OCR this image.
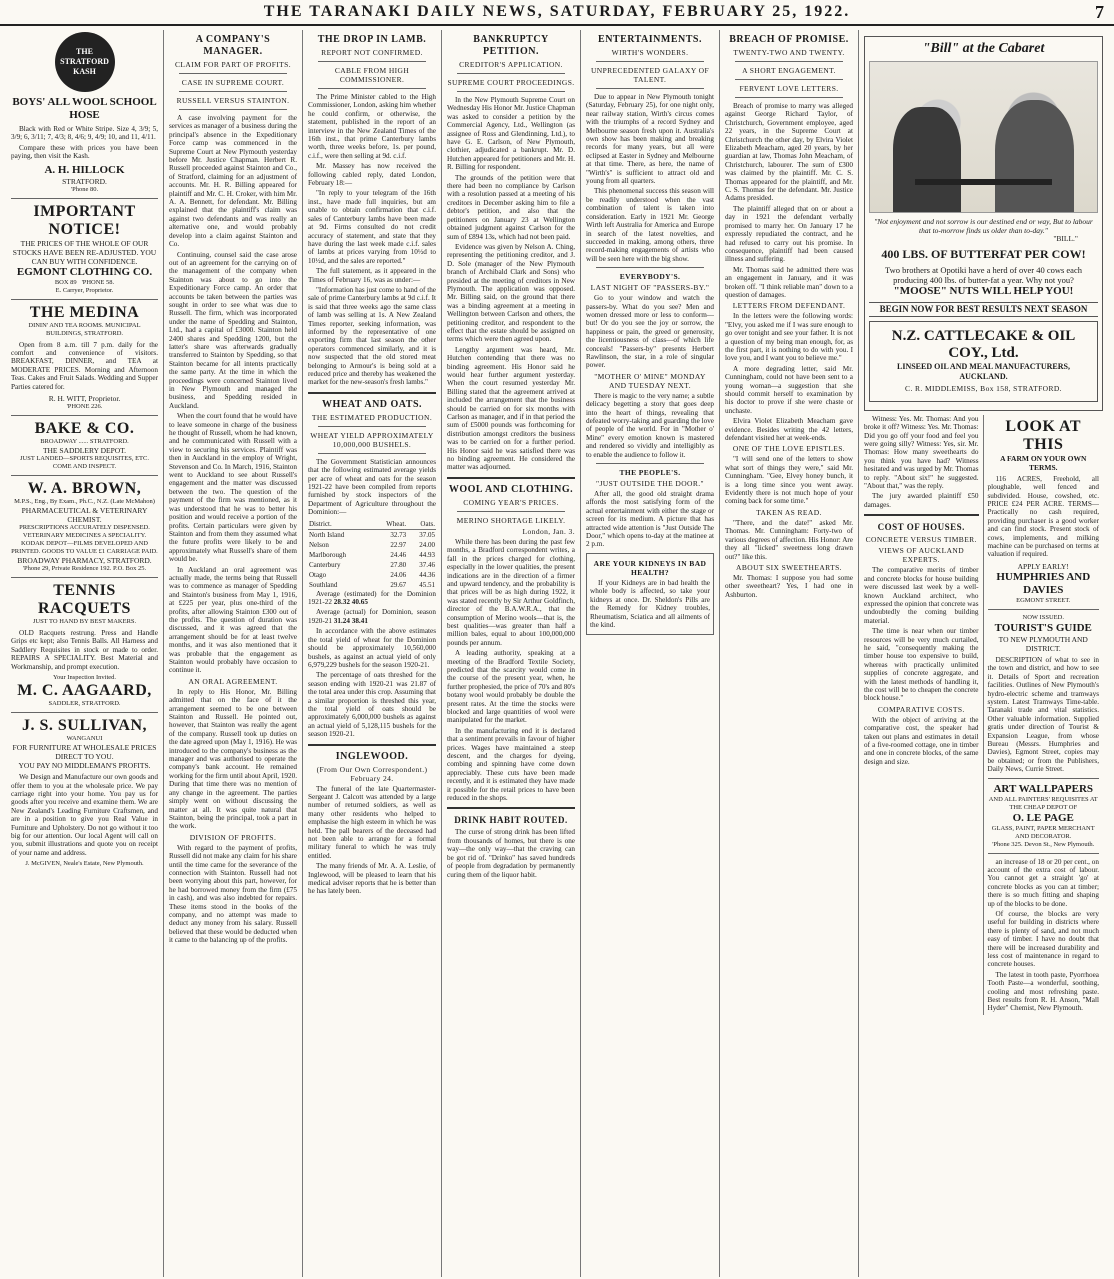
THE TARANAKI DAILY NEWS, SATURDAY, FEBRUARY 25, 1922.	7
THE STRATFORD KASH
BOYS' ALL WOOL SCHOOL HOSE

Black with Red or White Stripe. Size 4, 3/9; 5, 3/9; 6, 3/11; 7, 4/3; 8, 4/6; 9, 4/9; 10, and 11, 4/11.

Compare these with prices you have been paying, then visit the Kash.

A. H. HILLOCK
STRATFORD.
'Phone 80.
IMPORTANT NOTICE!
THE PRICES OF THE WHOLE OF OUR STOCKS HAVE BEEN RE-ADJUSTED. YOU CAN BUY WITH CONFIDENCE.
EGMONT CLOTHING CO.
BOX 89 'PHONE 58.
E. Carryer, Proprietor.
THE MEDINA
DININ' AND TEA ROOMS. MUNICIPAL BUILDINGS, STRATFORD.

Open from 8 a.m. till 7 p.m. daily for the comfort and convenience of visitors. BREAKFAST, DINNER, and TEA at MODERATE PRICES. Morning and Afternoon Teas. Cakes and Fruit Salads. Wedding and Supper Parties catered for.

R. H. WITT, Proprietor.
'PHONE 226.
BAKE & CO.
BROADWAY ...... STRATFORD.
THE SADDLERY DEPOT.
JUST LANDED—SPORTS REQUISITES, ETC. COME AND INSPECT.
W. A. BROWN,
M.P.S., Eng., By Exam., Ph.C., N.Z. (Late McMahon)
PHARMACEUTICAL & VETERINARY CHEMIST.
PRESCRIPTIONS ACCURATELY DISPENSED. VETERINARY MEDICINES A SPECIALITY. KODAK DEPOT—FILMS DEVELOPED AND PRINTED. GOODS TO VALUE £1 CARRIAGE PAID.
BROADWAY PHARMACY, STRATFORD.
'Phone 29, Private Residence 192. P.O. Box 25.
TENNIS RACQUETS
JUST TO HAND BY BEST MAKERS.

OLD Racquets restrung. Press and Handle Grips etc kept; also Tennis Balls. All Harness and Saddlery Requisites in stock or made to order. REPAIRS A SPECIALITY. Best Material and Workmanship, and prompt execution.

Your Inspection Invited.
M. C. AAGAARD,
SADDLER, STRATFORD.
J. S. SULLIVAN,
WANGANUI
FOR FURNITURE AT WHOLESALE PRICES DIRECT TO YOU.
YOU PAY NO MIDDLEMAN'S PROFITS.

We Design and Manufacture our own goods and offer them to you at the wholesale price. We pay carriage right into your home. You pay us for goods after you receive and examine them. We are New Zealand's Leading Furniture Craftsmen, and are in a position to give you Real Value in Furniture and Upholstery. Do not go without it too big for our attention. Our local Agent will call on you, submit illustrations and quote you on receipt of your name and address.

J. McGIVEN, Neale's Estate, New Plymouth.
A COMPANY'S MANAGER.
CLAIM FOR PART OF PROFITS.
CASE IN SUPREME COURT.
RUSSELL VERSUS STAINTON.

A case involving payment for the services as manager of a business during the principal's absence in the Expeditionary Force camp was commenced in the Supreme Court at New Plymouth yesterday before Mr. Justice Chapman. Herbert R. Russell proceeded against Stainton and Co., of Stratford, claiming for an adjustment of accounts. Mr. H. R. Billing appeared for plaintiff and Mr. C. H. Croker, with him Mr. A. A. Bennett, for defendant. Mr. Billing explained that the plaintiff's claim was against two defendants and was really an alternative one, and would probably develop into a claim against Stainton and Co.

Continuing, counsel said the case arose out of an agreement for the carrying on of the management of the company when Stainton was about to go into the Expeditionary Force camp. An order that accounts be taken between the parties was sought in order to see what was due to Russell. The firm, which was incorporated under the name of Spedding and Stainton, Ltd., had a capital of £3000. Stainton held 2400 shares and Spedding 1200, but the latter's share was afterwards gradually transferred to Stainton by Spedding, so that Stainton became for all intents practically the same party. At the time in which the proceedings were concerned Stainton lived in New Plymouth and managed the business, and Spedding resided in Auckland.

When the court found that he would have to leave someone in charge of the business he thought of Russell, whom he had known, and he communicated with Russell with a view to securing his services. Plaintiff was then in Auckland in the employ of Wright, Stevenson and Co. In March, 1916, Stainton went to Auckland to see about Russell's engagement and the matter was discussed between the two. The question of the payment of the firm was mentioned, as it was understood that he was to better his position and would receive a portion of the profits. Certain particulars were given by Stainton and from them they assumed what the future profits were likely to be and approximately what Russell's share of them would be.

In Auckland an oral agreement was actually made, the terms being that Russell was to commence as manager of Spedding and Stainton's business from May 1, 1916, at £225 per year, plus one-third of the profits, after allowing Stainton £300 out of the profits. The question of duration was discussed, and it was agreed that the arrangement should be for at least twelve months, and it was also mentioned that it was probable that the engagement as Stainton would probably have occasion to continue it.

AN ORAL AGREEMENT.

In reply to His Honor, Mr. Billing admitted that on the face of it the arrangement seemed to be one between Stainton and Russell. He pointed out, however, that Stainton was really the agent of the company. Russell took up duties on the date agreed upon (May 1, 1916). He was introduced to the company's business as the manager and was authorised to operate the company's bank account. He remained working for the firm until about April, 1920. During that time there was no mention of any change in the agreement. The parties simply went on without discussing the matter at all. It was quite natural that Stainton, being the principal, took a part in the work.

DIVISION OF PROFITS.

With regard to the payment of profits, Russell did not make any claim for his share until the time came for the severance of the connection with Stainton. Russell had not been worrying about this part, however, for he had borrowed money from the firm (£75 in cash), and was also indebted for repairs. These items stood in the books of the company, and no attempt was made to deduct any money from his salary. Russell believed that these would be deducted when it came to the balancing up of the profits.

THE DROP IN LAMB.
REPORT NOT CONFIRMED.
CABLE FROM HIGH COMMISSIONER.

The Prime Minister cabled to the High Commissioner, London, asking him whether he could confirm, or otherwise, the statement, published in the report of an interview in the New Zealand Times of the 16th inst., that prime Canterbury lambs worth, three weeks before, 1s. per pound, c.i.f., were then selling at 9d. c.i.f.

Mr. Massey has now received the following cabled reply, dated London, February 18:—

"In reply to your telegram of the 16th inst., have made full inquiries, but am unable to obtain confirmation that c.i.f. sales of Canterbury lambs have been made at 9d. Firms consulted do not credit accuracy of statement, and state that they have during the last week made c.i.f. sales of lambs at prices varying from 10½d to 10½d, and the sales are reported."

The full statement, as it appeared in the Times of February 16, was as under:—

"Information has just come to hand of the sale of prime Canterbury lambs at 9d c.i.f. It is said that three weeks ago the same class of lamb was selling at 1s. A New Zealand Times reporter, seeking information, was informed by the representative of one exporting firm that last season the other operators commenced similarly, and it is now suspected that the old stored meat belonging to Armour's is being sold at a reduced price and thereby has weakened the market for the new-season's fresh lambs."

WHEAT AND OATS.
THE ESTIMATED PRODUCTION.
WHEAT YIELD APPROXIMATELY 10,000,000 BUSHELS.

The Government Statistician announces that the following estimated average yields per acre of wheat and oats for the season 1921-22 have been compiled from reports furnished by stock inspectors of the Department of Agriculture throughout the Dominion:—

District.	Wheat.	Oats.
North Island	32.73	37.05
Nelson	22.97	24.00
Marlborough	24.46	44.93
Canterbury	27.80	37.46
Otago	24.06	44.36
Southland	29.67	45.51

Average (estimated) for the Dominion 1921-22 28.32 40.65

Average (actual) for Dominion, season 1920-21 31.24 38.41

In accordance with the above estimates the total yield of wheat for the Dominion should be approximately 10,560,000 bushels, as against an actual yield of only 6,979,229 bushels for the season 1920-21.

The percentage of oats threshed for the season ending with 1920-21 was 21.87 of the total area under this crop. Assuming that a similar proportion is threshed this year, the total yield of oats should be approximately 6,000,000 bushels as against an actual yield of 5,128,115 bushels for the season 1920-21.

INGLEWOOD.
(From Our Own Correspondent.) February 24.

The funeral of the late Quartermaster-Sergeant J. Calcott was attended by a large number of returned soldiers, as well as many other residents who helped to emphasise the high esteem in which he was held. The pall bearers of the deceased had not been able to arrange for a formal military funeral to which he was truly entitled.

The many friends of Mr. A. A. Leslie, of Inglewood, will be pleased to learn that his medical adviser reports that he is better than he has lately been.

BANKRUPTCY PETITION.
CREDITOR'S APPLICATION.
SUPREME COURT PROCEEDINGS.

In the New Plymouth Supreme Court on Wednesday His Honor Mr. Justice Chapman was asked to consider a petition by the Commercial Agency, Ltd., Wellington (as assignee of Ross and Glendinning, Ltd.), to have G. E. Carlson, of New Plymouth, clothier, adjudicated a bankrupt. Mr. D. Hutchen appeared for petitioners and Mr. H. R. Billing for respondent.

The grounds of the petition were that there had been no compliance by Carlson with a resolution passed at a meeting of his creditors in December asking him to file a debtor's petition, and also that the petitioners on January 23 at Wellington obtained judgment against Carlson for the sum of £894 13s, which had not been paid.

Evidence was given by Nelson A. Ching, representing the petitioning creditor, and J. D. Sole (manager of the New Plymouth branch of Archibald Clark and Sons) who presided at the meeting of creditors in New Plymouth. The application was opposed. Mr. Billing said, on the ground that there was a binding agreement at a meeting in Wellington between Carlson and others, the petitioning creditor, and respondent to the effect that the estate should be assigned on terms which were then agreed upon.

Lengthy argument was heard, Mr. Hutchen contending that there was no binding agreement. His Honor said he would hear further argument yesterday. When the court resumed yesterday Mr. Billing stated that the agreement arrived at included the arrangement that the business should be carried on for six months with Carlson as manager, and if in that period the sum of £5000 pounds was forthcoming for distribution amongst creditors the business was to be carried on for a further period. His Honor said he was satisfied there was no binding agreement. He considered the matter was adjourned.

WOOL AND CLOTHING.
COMING YEAR'S PRICES.
MERINO SHORTAGE LIKELY.
London, Jan. 3.

While there has been during the past few months, a Bradford correspondent writes, a fall in the prices charged for clothing, especially in the lower qualities, the present indications are in the direction of a firmer and upward tendency, and the probability is that prices will be as high during 1922, it was stated recently by Sir Arthur Goldfinch, director of the B.A.W.R.A., that the consumption of Merino wools—that is, the best qualities—was greater than half a million bales, equal to about 100,000,000 pounds per annum.

A leading authority, speaking at a meeting of the Bradford Textile Society, predicted that the scarcity would come in the course of the present year, when, he further prophesied, the price of 70's and 80's botany wool would probably be double the present rates. At the time the stocks were blocked and large quantities of wool were manipulated for the market.

In the manufacturing end it is declared that a sentiment prevails in favour of higher prices. Wages have maintained a steep descent, and the charges for dyeing, combing and spinning have come down appreciably. These cuts have been made recently, and it is estimated they have made it possible for the retail prices to have been reduced in the shops.

DRINK HABIT ROUTED.

The curse of strong drink has been lifted from thousands of homes, but there is one way—the only way—that the craving can be got rid of. "Drinko" has saved hundreds of people from degradation by permanently curing them of the liquor habit.

ENTERTAINMENTS.
WIRTH'S WONDERS.
UNPRECEDENTED GALAXY OF TALENT.

Due to appear in New Plymouth tonight (Saturday, February 25), for one night only, near railway station, Wirth's circus comes with the triumphs of a record Sydney and Melbourne season fresh upon it. Australia's own show has been making and breaking records for many years, but all were eclipsed at Easter in Sydney and Melbourne at that time. There, as here, the name of "Wirth's" is sufficient to attract old and young from all quarters.

This phenomenal success this season will be readily understood when the vast combination of talent is taken into consideration. Early in 1921 Mr. George Wirth left Australia for America and Europe in search of the latest novelties, and succeeded in making, among others, three record-making engagements of artists who will be seen here with the big show.

EVERYBODY'S.
LAST NIGHT OF "PASSERS-BY."

Go to your window and watch the passers-by. What do you see? Men and women dressed more or less to conform—but! Or do you see the joy or sorrow, the happiness or pain, the greed or generosity, the licentiousness of class—of which life conceals! "Passers-by" presents Herbert Rawlinson, the star, in a role of singular power.

"MOTHER O' MINE" MONDAY AND TUESDAY NEXT.

There is magic to the very name; a subtle delicacy begetting a story that goes deep into the heart of things, revealing that defeated worry-taking and guarding the love of people of the world. For in "Mother o' Mine" every emotion known is mastered and rendered so vividly and intelligibly as to enable the audience to follow it.

THE PEOPLE'S.
"JUST OUTSIDE THE DOOR."

After all, the good old straight drama affords the most satisfying form of the actual entertainment with either the stage or screen for its medium. A picture that has attracted wide attention is "Just Outside The Door," which opens to-day at the matinee at 2 p.m.

ARE YOUR KIDNEYS IN BAD HEALTH?

If your Kidneys are in bad health the whole body is affected, so take your kidneys at once. Dr. Sheldon's Pills are the Remedy for Kidney troubles, Rheumatism, Sciatica and all ailments of the kind.

BREACH OF PROMISE.
TWENTY-TWO AND TWENTY.
A SHORT ENGAGEMENT.
FERVENT LOVE LETTERS.

Breach of promise to marry was alleged against George Richard Taylor, of Christchurch, Government employee, aged 22 years, in the Supreme Court at Christchurch the other day, by Elvira Violet Elizabeth Meacham, aged 20 years, by her guardian at law, Thomas John Meacham, of Christchurch, labourer. The sum of £300 was claimed by the plaintiff. Mr. C. S. Thomas appeared for the plaintiff, and Mr. C. S. Thomas for the defendant. Mr. Justice Adams presided.

The plaintiff alleged that on or about a day in 1921 the defendant verbally promised to marry her. On January 17 he expressly repudiated the contract, and he had refused to carry out his promise. In consequence, plaintiff had been caused illness and suffering.

Mr. Thomas said he admitted there was an engagement in January, and it was broken off. "I think reliable man" down to a question of damages.

LETTERS FROM DEFENDANT.

In the letters were the following words: "Elvy, you asked me if I was sure enough to go over tonight and see your father. It is not a question of my being man enough, for, as the first part, it is nothing to do with you. I love you, and I want you to believe me."

A more degrading letter, said Mr. Cunningham, could not have been sent to a young woman—a suggestion that she should commit herself to examination by his doctor to prove if she were chaste or unchaste.

Elvira Violet Elizabeth Meacham gave evidence. Besides writing the 42 letters, defendant visited her at week-ends.

ONE OF THE LOVE EPISTLES.

"I will send one of the letters to show what sort of things they were," said Mr. Cunningham. "Gee, Elvey honey bunch, it is a long time since you went away. Evidently there is not much hope of your coming back for some time."

TAKEN AS READ.

"There, and the date!" asked Mr. Thomas. Mr. Cunningham: Forty-two of various degrees of affection. His Honor: Are they all "licked" sweetness long drawn out?" like this.

ABOUT SIX SWEETHEARTS.

Mr. Thomas: I suppose you had some other sweetheart? Yes, I had one in Ashburton.

"Bill" at the Cabaret
"Not enjoyment and not sorrow is our destined end or way, But to labour that to-morrow finds us older than to-day."
"BILL."
400 LBS. OF BUTTERFAT PER COW!
Two brothers at Opotiki have a herd of over 40 cows each producing 400 lbs. of butter-fat a year. Why not you?
"MOOSE" NUTS WILL HELP YOU!
BEGIN NOW FOR BEST RESULTS NEXT SEASON
N.Z. CATTLECAKE & OIL COY., Ltd.
LINSEED OIL AND MEAL MANUFACTURERS, AUCKLAND.
C. R. MIDDLEMISS, Box 158, STRATFORD.

Witness: Yes. Mr. Thomas: And you broke it off? Witness: Yes. Mr. Thomas: Did you go off your food and feel you were going silly? Witness: Yes, sir. Mr. Thomas: How many sweethearts do you think you have had? Witness hesitated and was urged by Mr. Thomas to reply. "About six!" he suggested. "About that," was the reply.

The jury awarded plaintiff £50 damages.

COST OF HOUSES.
CONCRETE VERSUS TIMBER.
VIEWS OF AUCKLAND EXPERTS.

The comparative merits of timber and concrete blocks for house building were discussed last week by a well-known Auckland architect, who expressed the opinion that concrete was undoubtedly the coming building material.

The time is near when our timber resources will be very much curtailed, he said, "consequently making the timber house too expensive to build, whereas with practically unlimited supplies of concrete aggregate, and with the latest methods of handling it, the cost will be to cheapen the concrete block house."

COMPARATIVE COSTS.

With the object of arriving at the comparative cost, the speaker had taken out plans and estimates in detail of a five-roomed cottage, one in timber and one in concrete blocks, of the same design and size.

LOOK AT THIS
A FARM ON YOUR OWN TERMS.

116 ACRES, Freehold, all ploughable, well fenced and subdivided. House, cowshed, etc. PRICE £24 PER ACRE. TERMS—Practically no cash required, providing purchaser is a good worker and can find stock. Present stock of cows, implements, and milking machine can be purchased on terms at valuation if required.

APPLY EARLY!
HUMPHRIES AND DAVIES
EGMONT STREET.
NOW ISSUED.
TOURIST'S GUIDE
TO NEW PLYMOUTH AND DISTRICT.

DESCRIPTION of what to see in the town and district, and how to see it. Details of Sport and recreation facilities. Outlines of New Plymouth's hydro-electric scheme and tramways system. Latest Tramways Time-table. Taranaki trade and vital statistics. Other valuable information. Supplied gratis under direction of Tourist & Expansion League, from whose Bureau (Messrs. Humphries and Davies), Egmont Street, copies may be obtained; or from the Publishers, Daily News, Currie Street.

ART WALLPAPERS
AND ALL PAINTERS' REQUISITES AT THE CHEAP DEPOT OF
O. LE PAGE
GLASS, PAINT, PAPER MERCHANT AND DECORATOR.
'Phone 325. Devon St., New Plymouth.

an increase of 18 or 20 per cent., on account of the extra cost of labour. You cannot get a straight 'go' at concrete blocks as you can at timber; there is so much fitting and shaping up of the blocks to be done.

Of course, the blocks are very useful for building in districts where there is plenty of sand, and not much easy of timber. I have no doubt that there will be increased durability and less cost of maintenance in regard to concrete houses.

The latest in tooth paste, Pyorrhoea Tooth Paste—a wonderful, soothing, cooling and most refreshing paste. Best results from R. H. Anson, "Mall Hyder" Chemist, New Plymouth.
